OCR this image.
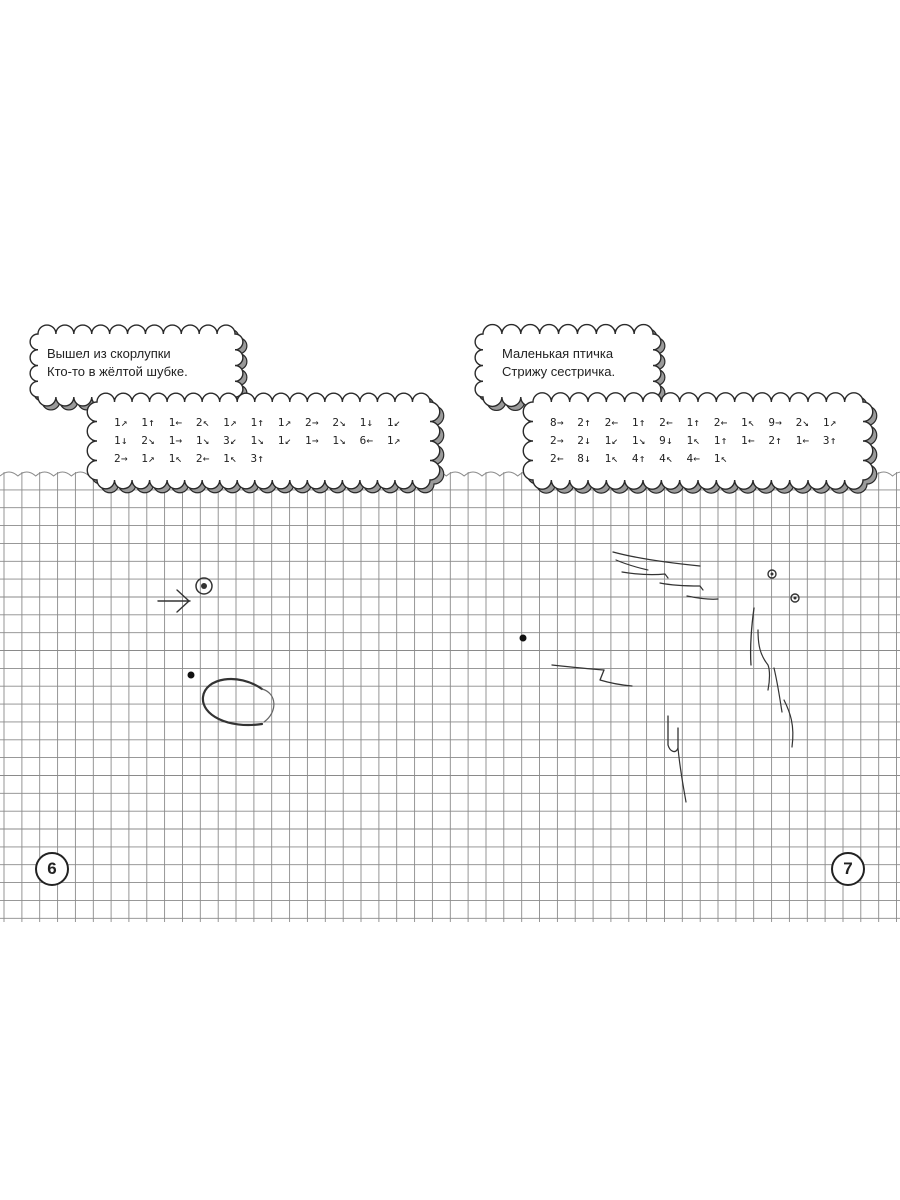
Вышел из скорлупки
Кто-то в жёлтой шубке.
1↗  1↑  1←  2↖  1↗  1↑  1↗  2→  2↘  1↓  1↙
1↓  2↘  1→  1↘  3↙  1↘  1↙  1→  1↘  6←  1↗
2→  1↗  1↖  2←  1↖  3↑
Маленькая птичка
Стрижу сестричка.
8→  2↑  2←  1↑  2←  1↑  2←  1↖  9→  2↘  1↗
2→  2↓  1↙  1↘  9↓  1↖  1↑  1←  2↑  1←  3↑
2←  8↓  1↖  4↑  4↖  4←  1↖
6	7
